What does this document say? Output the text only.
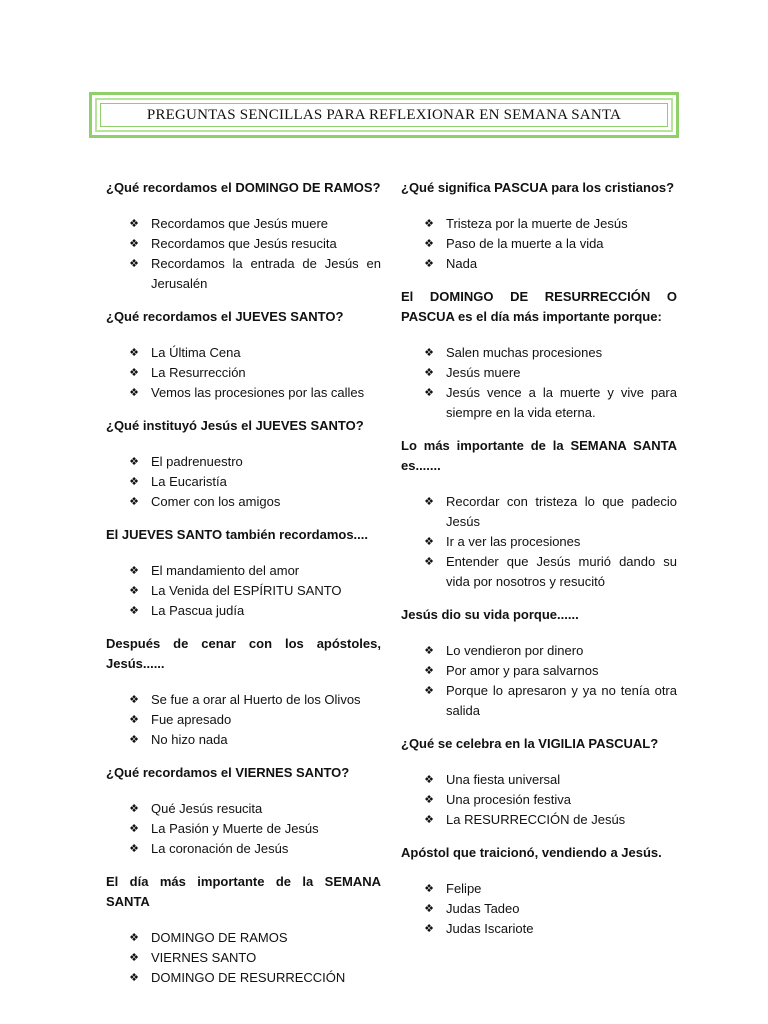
PREGUNTAS SENCILLAS PARA REFLEXIONAR EN SEMANA SANTA
¿Qué recordamos el DOMINGO DE RAMOS?
❖ Recordamos que Jesús muere
❖ Recordamos que Jesús resucita
❖ Recordamos la entrada de Jesús en Jerusalén
¿Qué recordamos el JUEVES SANTO?
❖ La Última Cena
❖ La Resurrección
❖ Vemos las procesiones por las calles
¿Qué instituyó Jesús el JUEVES SANTO?
❖ El padrenuestro
❖ La Eucaristía
❖ Comer con los amigos
El JUEVES SANTO también recordamos....
❖ El mandamiento del amor
❖ La Venida del ESPÍRITU SANTO
❖ La Pascua judía
Después de cenar con los apóstoles, Jesús......
❖ Se fue a orar al Huerto de los Olivos
❖ Fue apresado
❖ No hizo nada
¿Qué recordamos el VIERNES SANTO?
❖ Qué Jesús resucita
❖ La Pasión y Muerte de Jesús
❖ La coronación de Jesús
El día más importante de la SEMANA SANTA
❖ DOMINGO DE RAMOS
❖ VIERNES SANTO
❖ DOMINGO DE RESURRECCIÓN
¿Qué significa PASCUA para los cristianos?
❖ Tristeza por la muerte de Jesús
❖ Paso de la muerte a la vida
❖ Nada
El DOMINGO DE RESURRECCIÓN O PASCUA es el día más importante porque:
❖ Salen muchas procesiones
❖ Jesús muere
❖ Jesús vence a la muerte y vive para siempre en la vida eterna.
Lo más importante de la SEMANA SANTA es.......
❖ Recordar con tristeza lo que padecio Jesús
❖ Ir a ver las procesiones
❖ Entender que Jesús murió dando su vida por nosotros y resucitó
Jesús dio su vida porque......
❖ Lo vendieron por dinero
❖ Por amor y para salvarnos
❖ Porque lo apresaron y ya no tenía otra salida
¿Qué se celebra en la VIGILIA PASCUAL?
❖ Una fiesta universal
❖ Una procesión festiva
❖ La RESURRECCIÓN de Jesús
Apóstol que traicionó, vendiendo a Jesús.
❖ Felipe
❖ Judas Tadeo
❖ Judas Iscariote
